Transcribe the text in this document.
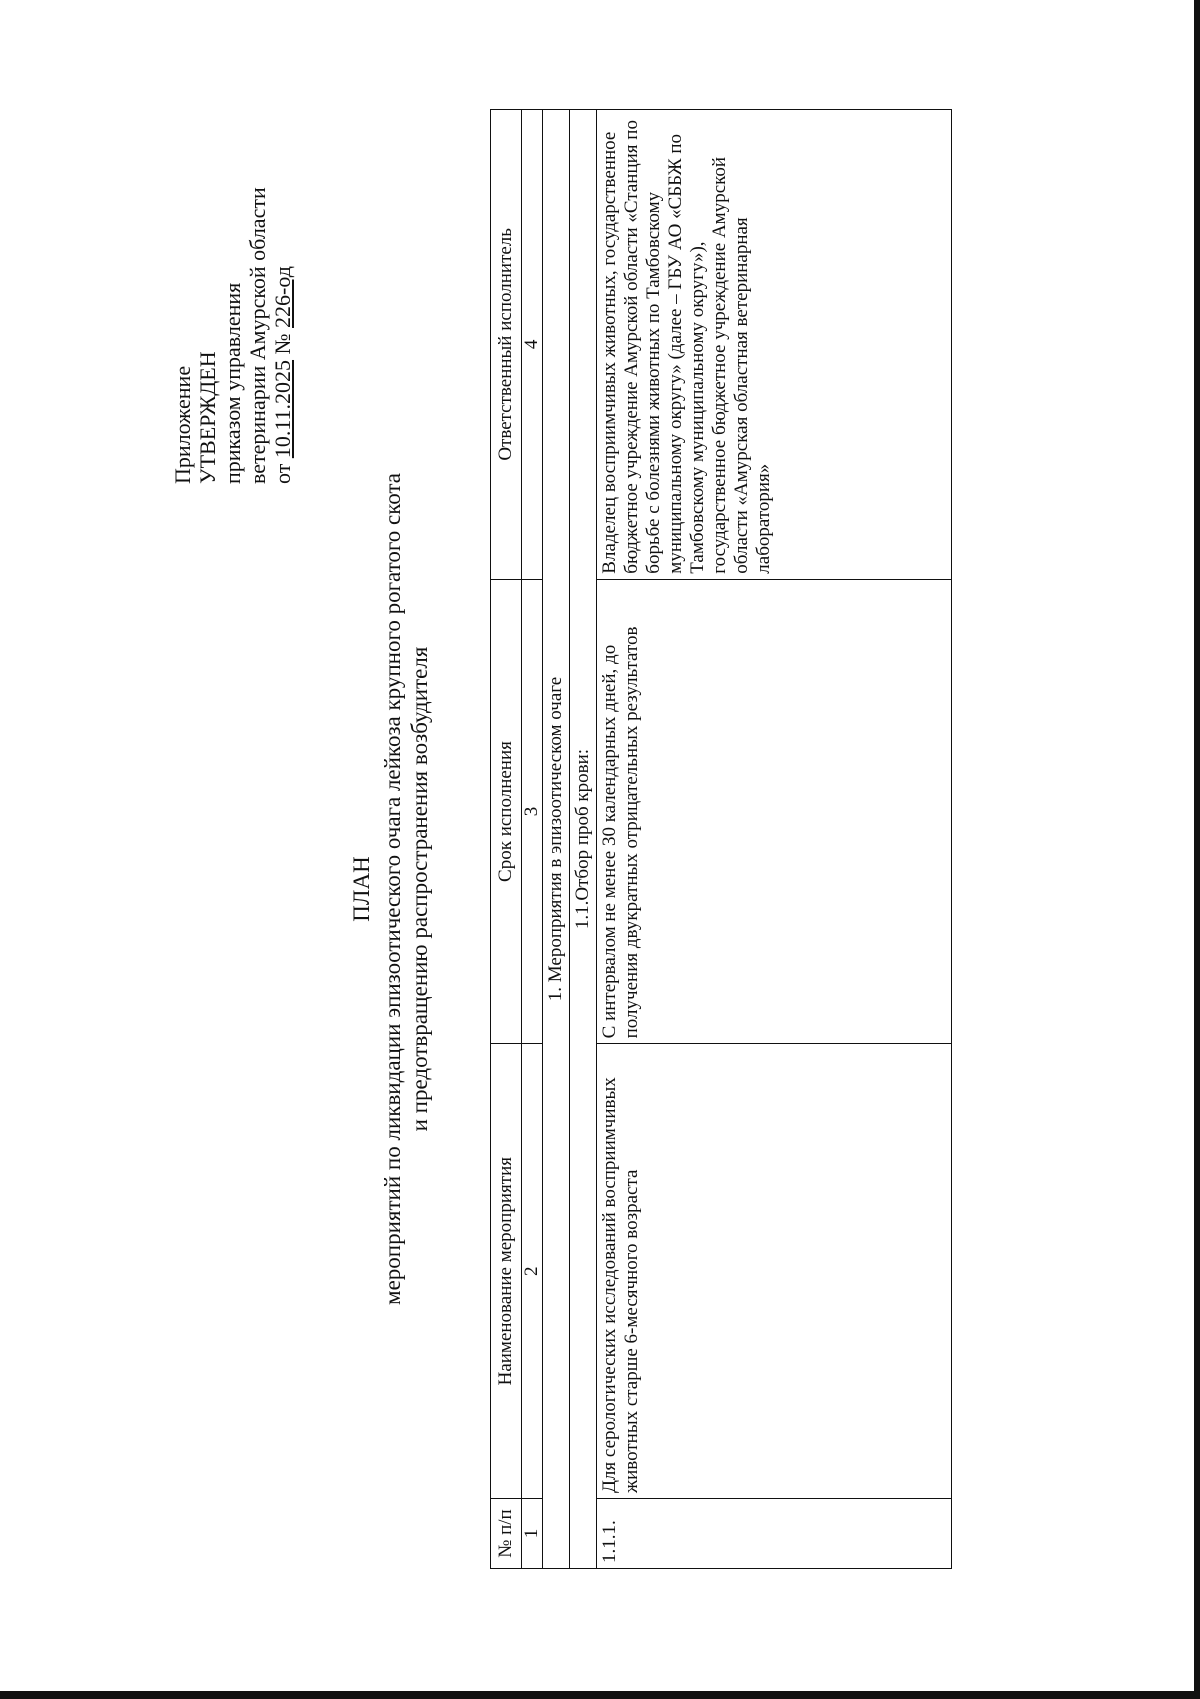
Приложение УТВЕРЖДЕН приказом управления ветеринарии Амурской области от 10.11.2025 № 226-од
ПЛАН мероприятий по ликвидации эпизоотического очага лейкоза крупного рогатого скота и предотвращению распространения возбудителя
№ п/п	Наименование мероприятия	Срок исполнения	Ответственный исполнитель
1	2	3	4
1. Мероприятия в эпизоотическом очаге			
1.1.Отбор проб крови:			
1.1.1.	Для серологических исследований восприимчивых животных старше 6-месячного возраста	С интервалом не менее 30 календарных дней, до получения двукратных отрицательных результатов	Владелец восприимчивых животных, государственное бюджетное учреждение Амурской области «Станция по борьбе с болезнями животных по Тамбовскому муниципальному округу» (далее – ГБУ АО «СББЖ по Тамбовскому муниципальному округу»), государственное бюджетное учреждение Амурской области «Амурская областная ветеринарная лаборатория»
